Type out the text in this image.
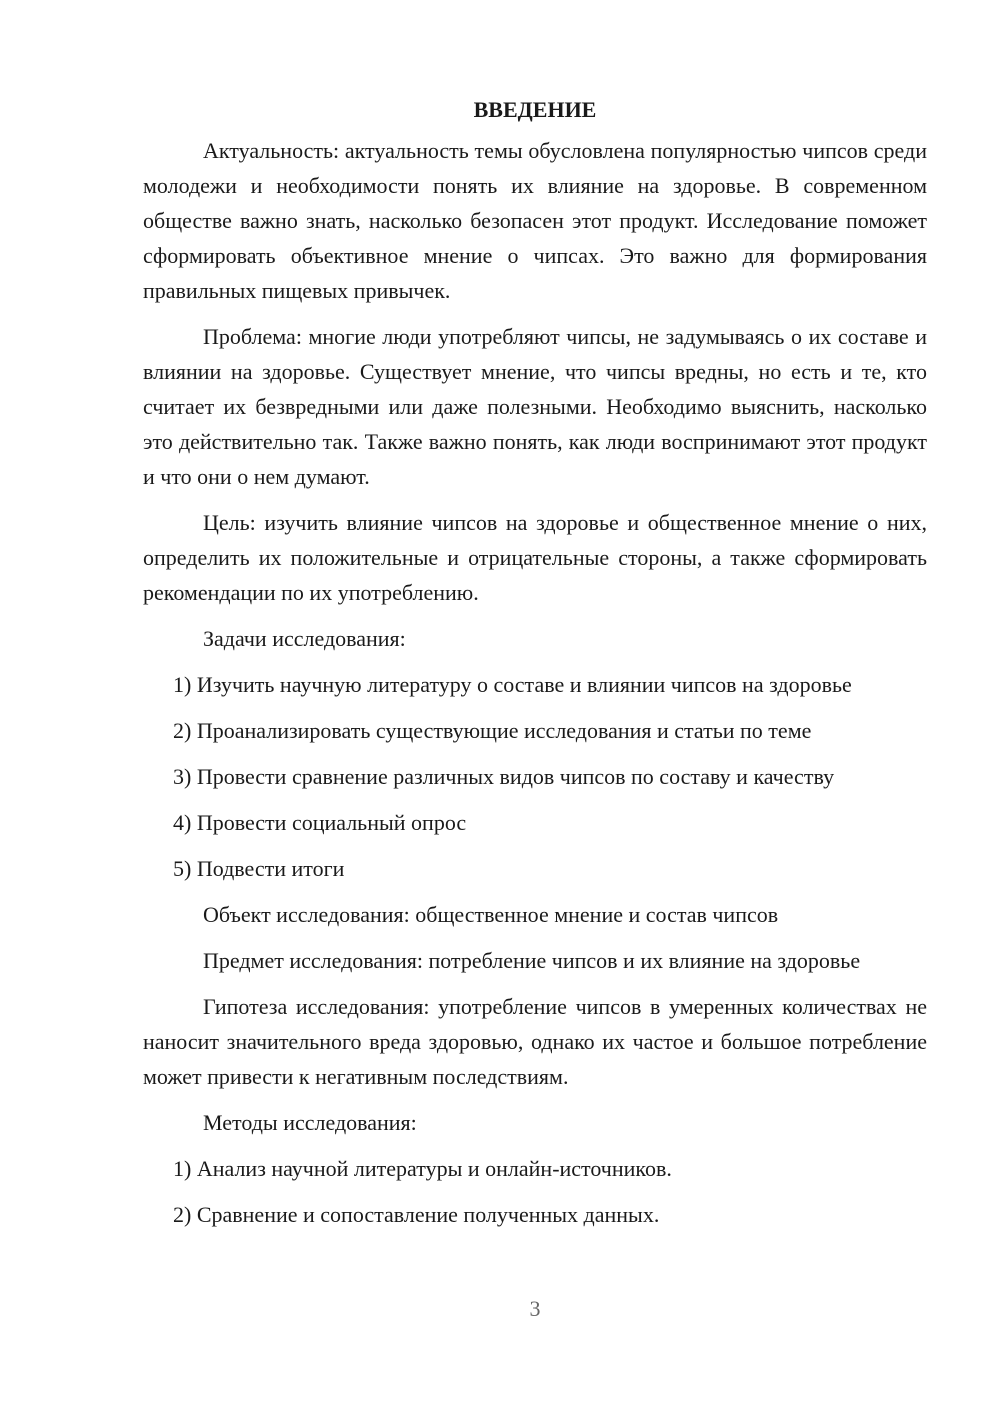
ВВЕДЕНИЕ

Актуальность: актуальность темы обусловлена популярностью чипсов среди молодежи и необходимости понять их влияние на здоровье. В современном обществе важно знать, насколько безопасен этот продукт. Исследование поможет сформировать объективное мнение о чипсах. Это важно для формирования правильных пищевых привычек.

Проблема: многие люди употребляют чипсы, не задумываясь о их составе и влиянии на здоровье. Существует мнение, что чипсы вредны, но есть и те, кто считает их безвредными или даже полезными. Необходимо выяснить, насколько это действительно так. Также важно понять, как люди воспринимают этот продукт и что они о нем думают.

Цель: изучить влияние чипсов на здоровье и общественное мнение о них, определить их положительные и отрицательные стороны, а также сформировать рекомендации по их употреблению.

Задачи исследования:

1) Изучить научную литературу о составе и влиянии чипсов на здоровье

2) Проанализировать существующие исследования и статьи по теме

3) Провести сравнение различных видов чипсов по составу и качеству

4) Провести социальный опрос

5) Подвести итоги

Объект исследования: общественное мнение и состав чипсов

Предмет исследования: потребление чипсов и их влияние на здоровье

Гипотеза исследования: употребление чипсов в умеренных количествах не наносит значительного вреда здоровью, однако их частое и большое потребление может привести к негативным последствиям.

Методы исследования:

1) Анализ научной литературы и онлайн-источников.

2) Сравнение и сопоставление полученных данных.

3
